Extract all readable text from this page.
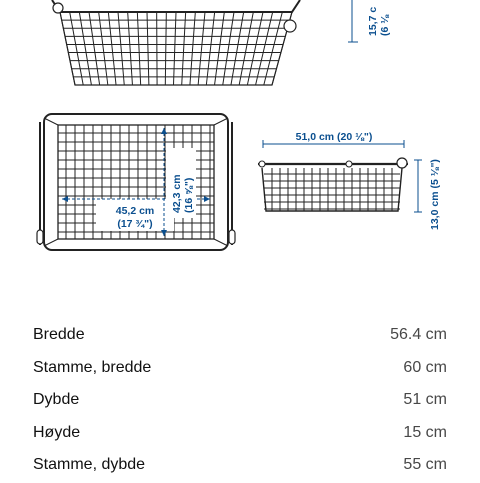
15,7 c (6 ⅛
45,2 cm
(17 ¾")
42,3 cm (16 ⅝")
51,0 cm (20 ⅛")
13,0 cm (5 ⅛")
Bredde	56.4 cm
Stamme, bredde	60 cm
Dybde	51 cm
Høyde	15 cm
Stamme, dybde	55 cm
